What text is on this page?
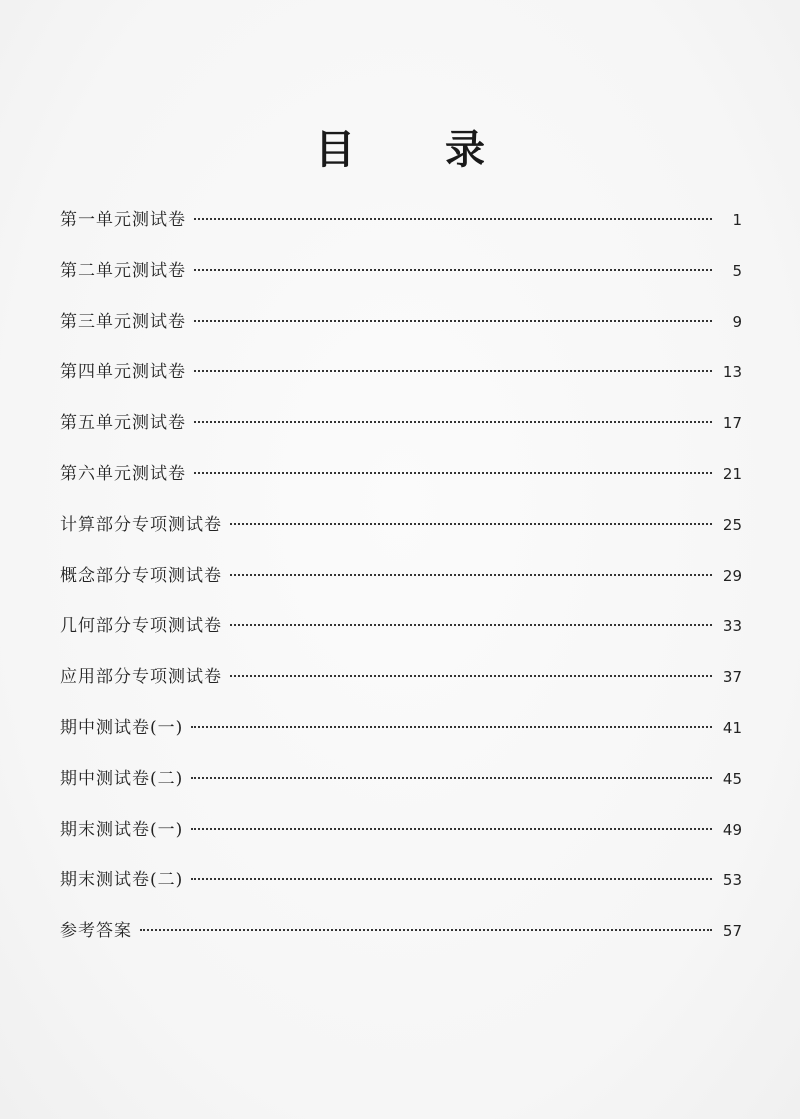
目 录
第一单元测试卷	1
第二单元测试卷	5
第三单元测试卷	9
第四单元测试卷	13
第五单元测试卷	17
第六单元测试卷	21
计算部分专项测试卷	25
概念部分专项测试卷	29
几何部分专项测试卷	33
应用部分专项测试卷	37
期中测试卷(一)	41
期中测试卷(二)	45
期末测试卷(一)	49
期末测试卷(二)	53
参考答案	57
